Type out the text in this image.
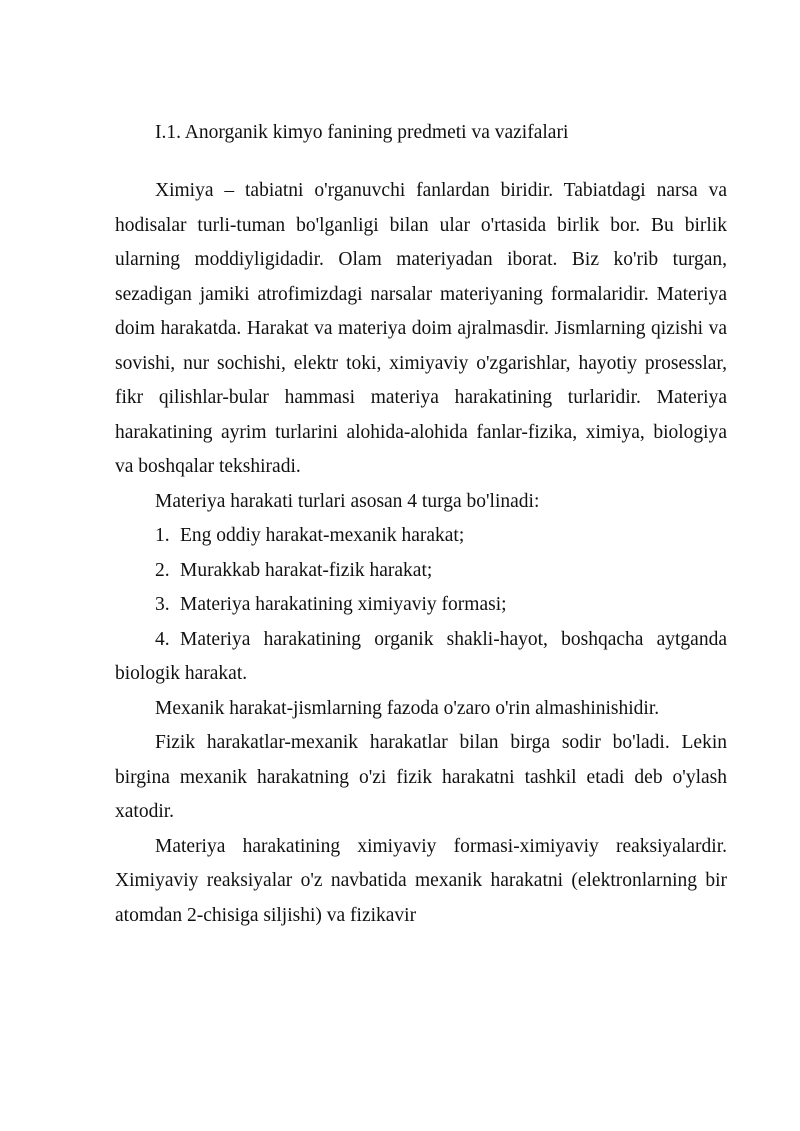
I.1. Anorganik kimyo fanining predmeti va vazifalari

Ximiya – tabiatni o'rganuvchi fanlardan biridir. Tabiatdagi narsa va hodisalar turli-tuman bo'lganligi bilan ular o'rtasida birlik bor. Bu birlik ularning moddiyligidadir. Olam materiyadan iborat. Biz ko'rib turgan, sezadigan jamiki atrofimizdagi narsalar materiyaning formalaridir. Materiya doim harakatda. Harakat va materiya doim ajralmasdir. Jismlarning qizishi va sovishi, nur sochishi, elektr toki, ximiyaviy o'zgarishlar, hayotiy prosesslar, fikr qilishlar-bular hammasi materiya harakatining turlaridir. Materiya harakatining ayrim turlarini alohida-alohida fanlar-fizika, ximiya, biologiya va boshqalar tekshiradi.

Materiya harakati turlari asosan 4 turga bo'linadi:

1. Eng oddiy harakat-mexanik harakat;

2. Murakkab harakat-fizik harakat;

3. Materiya harakatining ximiyaviy formasi;

4. Materiya harakatining organik shakli-hayot, boshqacha aytganda biologik harakat.

Mexanik harakat-jismlarning fazoda o'zaro o'rin almashinishidir.

Fizik harakatlar-mexanik harakatlar bilan birga sodir bo'ladi. Lekin birgina mexanik harakatning o'zi fizik harakatni tashkil etadi deb o'ylash xatodir.

Materiya harakatining ximiyaviy formasi-ximiyaviy reaksiyalardir. Ximiyaviy reaksiyalar o'z navbatida mexanik harakatni (elektronlarning bir atomdan 2-chisiga siljishi) va fizikavir
